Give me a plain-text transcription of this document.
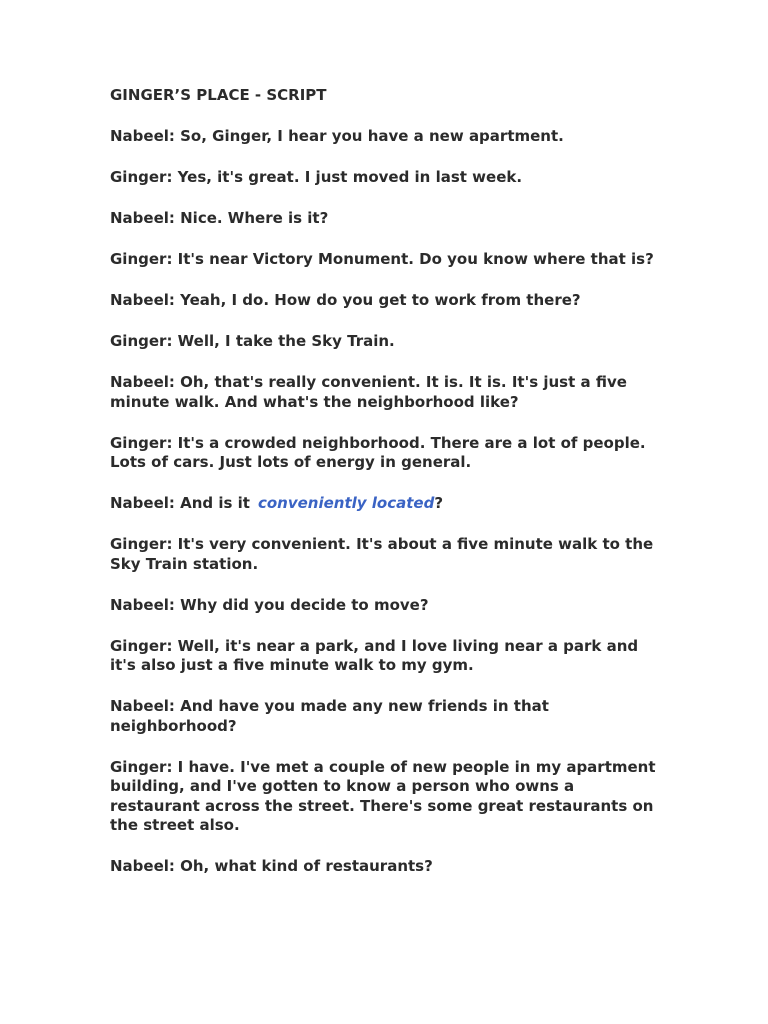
GINGER’S PLACE - SCRIPT

Nabeel: So, Ginger, I hear you have a new apartment.

Ginger: Yes, it's great. I just moved in last week.

Nabeel: Nice. Where is it?

Ginger: It's near Victory Monument. Do you know where that is?

Nabeel: Yeah, I do. How do you get to work from there?

Ginger: Well, I take the Sky Train.

Nabeel: Oh, that's really convenient. It is. It is. It's just a five minute walk. And what's the neighborhood like?

Ginger: It's a crowded neighborhood. There are a lot of people. Lots of cars. Just lots of energy in general.

Nabeel: And is it conveniently located?

Ginger: It's very convenient. It's about a five minute walk to the Sky Train station.

Nabeel: Why did you decide to move?

Ginger: Well, it's near a park, and I love living near a park and it's also just a five minute walk to my gym.

Nabeel: And have you made any new friends in that neighborhood?

Ginger: I have. I've met a couple of new people in my apartment building, and I've gotten to know a person who owns a restaurant across the street. There's some great restaurants on the street also.

Nabeel: Oh, what kind of restaurants?
